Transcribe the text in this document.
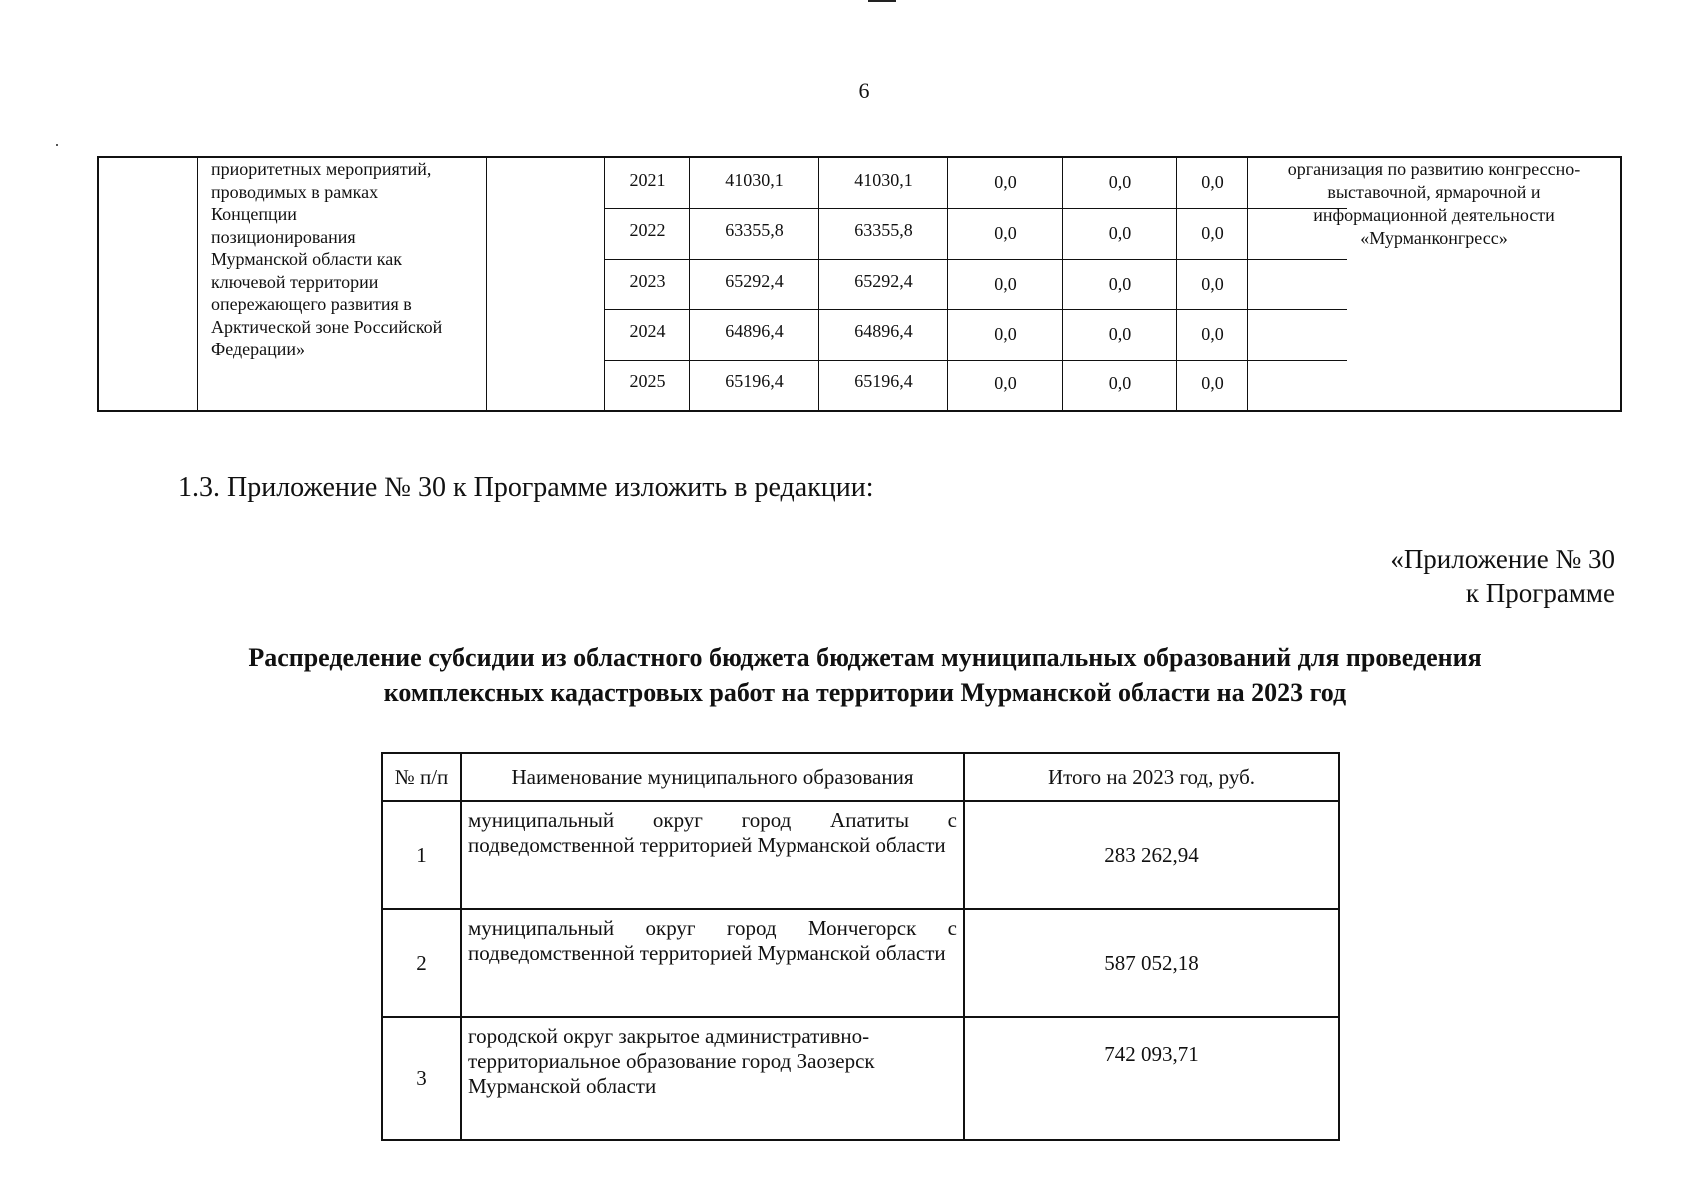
6
приоритетных мероприятий,
проводимых в рамках
Концепции
позиционирования
Мурманской области как
ключевой территории
опережающего развития в
Арктической зоне Российской
Федерации»
организация по развитию конгрессно-
выставочной, ярмарочной и
информационной деятельности
«Мурманконгресс»
2021	41030,1	41030,1	0,0	0,0	0,0
2022	63355,8	63355,8	0,0	0,0	0,0
2023	65292,4	65292,4	0,0	0,0	0,0
2024	64896,4	64896,4	0,0	0,0	0,0
2025	65196,4	65196,4	0,0	0,0	0,0
1.3. Приложение № 30 к Программе изложить в редакции:
«Приложение № 30
к Программе
Распределение субсидии из областного бюджета бюджетам муниципальных образований для проведения
комплексных кадастровых работ на территории Мурманской области на 2023 год
№ п/п	Наименование муниципального образования	Итого на 2023 год, руб.
1	муниципальный округ город Апатиты с подведомственной территорией Мурманской области	283 262,94
2	муниципальный округ город Мончегорск с подведомственной территорией Мурманской области	587 052,18
3	городской округ закрытое административно-территориальное образование город Заозерск Мурманской области	742 093,71
